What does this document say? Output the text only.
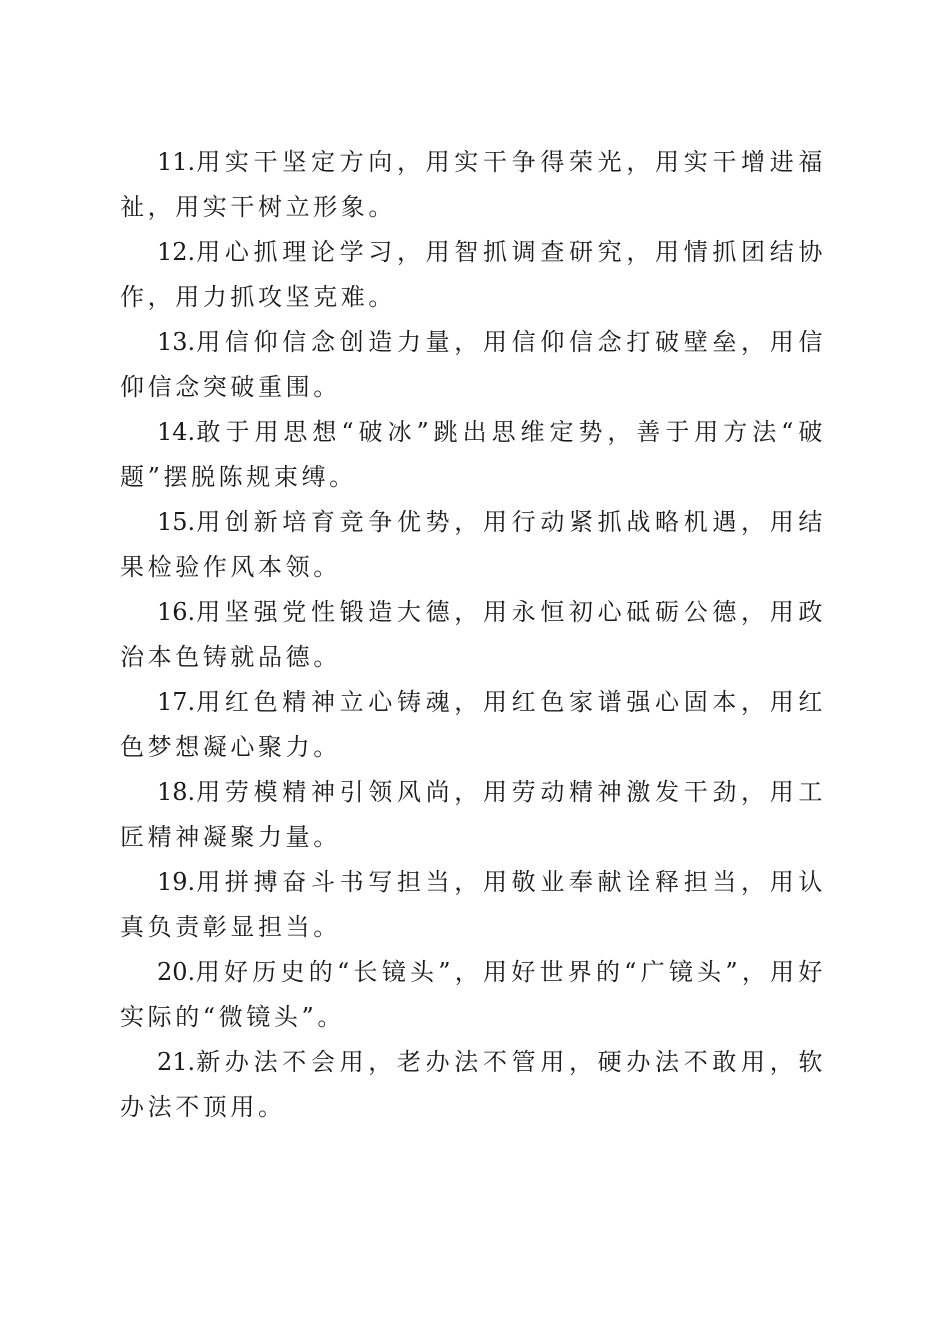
11.用实干坚定方向，用实干争得荣光，用实干增进福祉，用实干树立形象。

12.用心抓理论学习，用智抓调查研究，用情抓团结协作，用力抓攻坚克难。

13.用信仰信念创造力量，用信仰信念打破壁垒，用信仰信念突破重围。

14.敢于用思想“破冰”跳出思维定势，善于用方法“破题”摆脱陈规束缚。

15.用创新培育竞争优势，用行动紧抓战略机遇，用结果检验作风本领。

16.用坚强党性锻造大德，用永恒初心砥砺公德，用政治本色铸就品德。

17.用红色精神立心铸魂，用红色家谱强心固本，用红色梦想凝心聚力。

18.用劳模精神引领风尚，用劳动精神激发干劲，用工匠精神凝聚力量。

19.用拼搏奋斗书写担当，用敬业奉献诠释担当，用认真负责彰显担当。

20.用好历史的“长镜头”，用好世界的“广镜头”，用好实际的“微镜头”。

21.新办法不会用，老办法不管用，硬办法不敢用，软办法不顶用。
